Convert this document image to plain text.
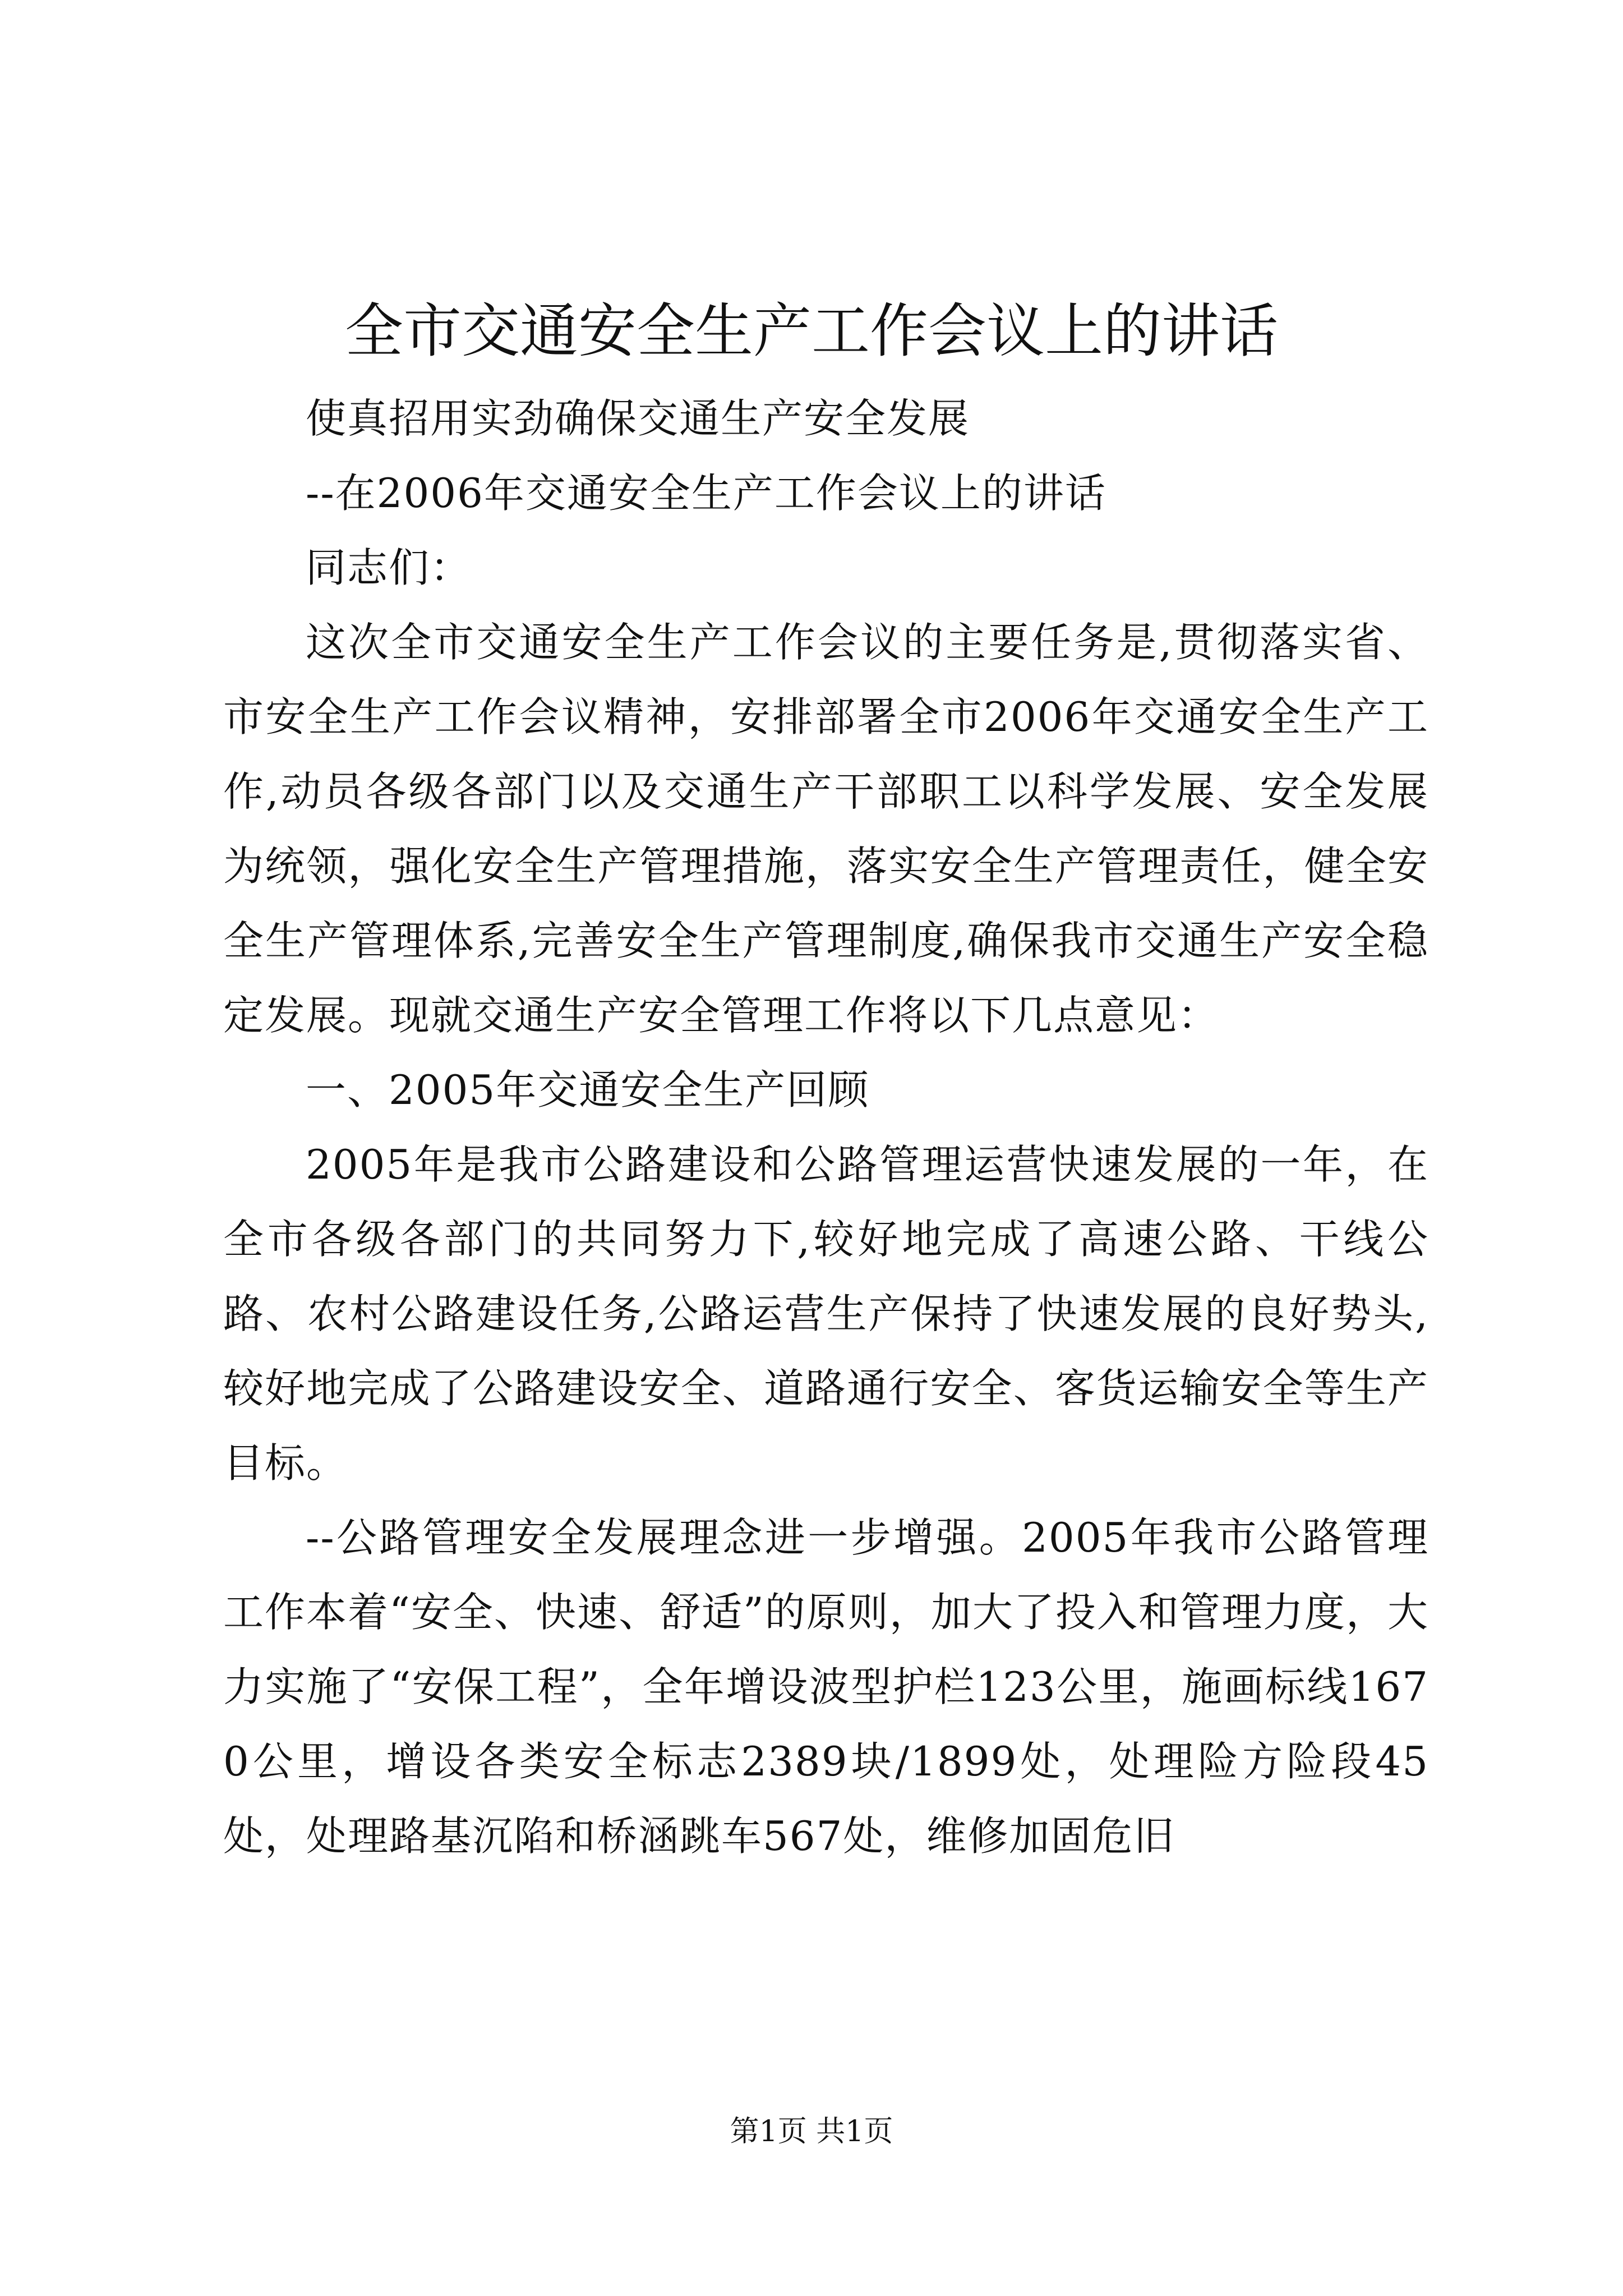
全市交通安全生产工作会议上的讲话

使真招用实劲确保交通生产安全发展

--在2006年交通安全生产工作会议上的讲话

同志们：

这次全市交通安全生产工作会议的主要任务是,贯彻落实省、市安全生产工作会议精神，安排部署全市2006年交通安全生产工作,动员各级各部门以及交通生产干部职工以科学发展、安全发展为统领，强化安全生产管理措施，落实安全生产管理责任，健全安全生产管理体系,完善安全生产管理制度,确保我市交通生产安全稳定发展。现就交通生产安全管理工作将以下几点意见：

一、2005年交通安全生产回顾

2005年是我市公路建设和公路管理运营快速发展的一年，在全市各级各部门的共同努力下,较好地完成了高速公路、干线公路、农村公路建设任务,公路运营生产保持了快速发展的良好势头,较好地完成了公路建设安全、道路通行安全、客货运输安全等生产目标。

--公路管理安全发展理念进一步增强。2005年我市公路管理工作本着“安全、快速、舒适”的原则，加大了投入和管理力度，大力实施了“安保工程”，全年增设波型护栏123公里，施画标线1670公里，增设各类安全标志2389块/1899处，处理险方险段45处，处理路基沉陷和桥涵跳车567处，维修加固危旧

第1页 共1页
